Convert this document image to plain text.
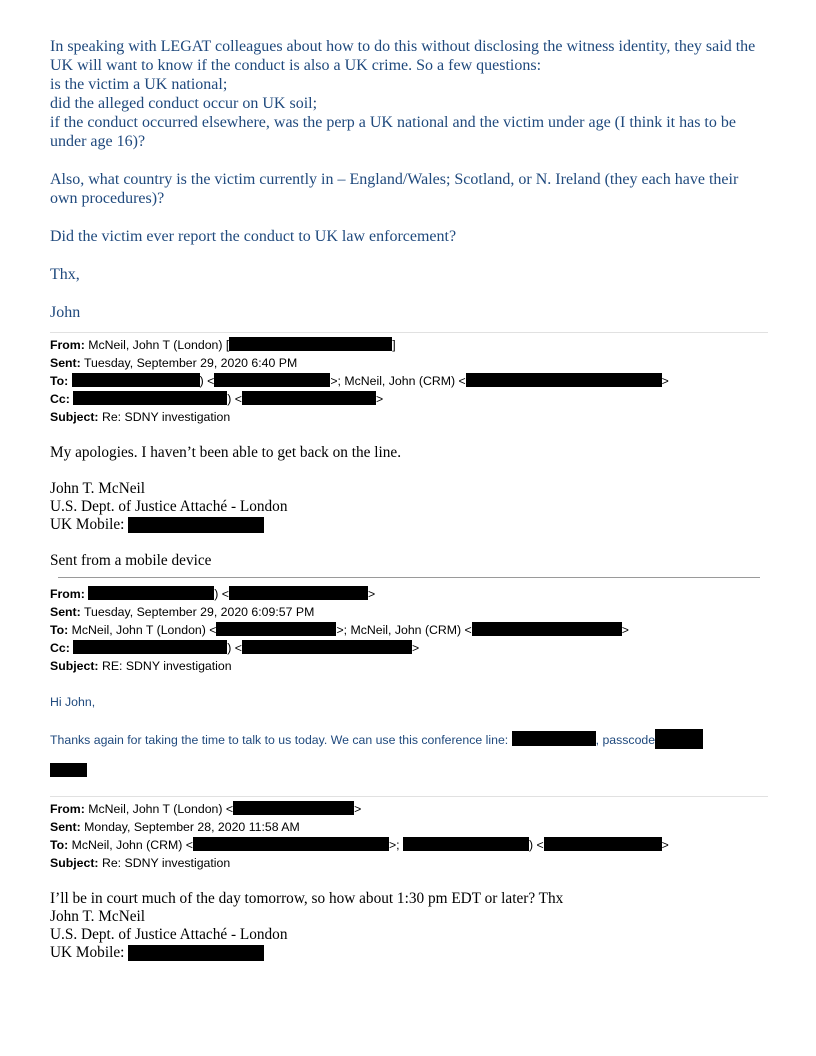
In speaking with LEGAT colleagues about how to do this without disclosing the witness identity, they said the UK will want to know if the conduct is also a UK crime. So a few questions:

is the victim a UK national;

did the alleged conduct occur on UK soil;

if the conduct occurred elsewhere, was the perp a UK national and the victim under age (I think it has to be under age 16)?

Also, what country is the victim currently in – England/Wales; Scotland, or N. Ireland (they each have their own procedures)?

Did the victim ever report the conduct to UK law enforcement?

Thx,

John

From: McNeil, John T (London) [	]
Sent: Tuesday, September 29, 2020 6:40 PM
To:	) <	>; McNeil, John (CRM) <	>
Cc:	) <	>
Subject: Re: SDNY investigation

My apologies. I haven’t been able to get back on the line.

John T. McNeil

U.S. Dept. of Justice Attaché - London

UK Mobile:

Sent from a mobile device

From:	) <	>
Sent: Tuesday, September 29, 2020 6:09:57 PM
To: McNeil, John T (London) <	>; McNeil, John (CRM) <	>
Cc:	) <	>
Subject: RE: SDNY investigation

Hi John,

Thanks again for taking the time to talk to us today. We can use this conference line:	, passcode

From: McNeil, John T (London) <	>
Sent: Monday, September 28, 2020 11:58 AM
To: McNeil, John (CRM) <	>;	) <	>
Subject: Re: SDNY investigation

I’ll be in court much of the day tomorrow, so how about 1:30 pm EDT or later? Thx

John T. McNeil

U.S. Dept. of Justice Attaché - London

UK Mobile:
